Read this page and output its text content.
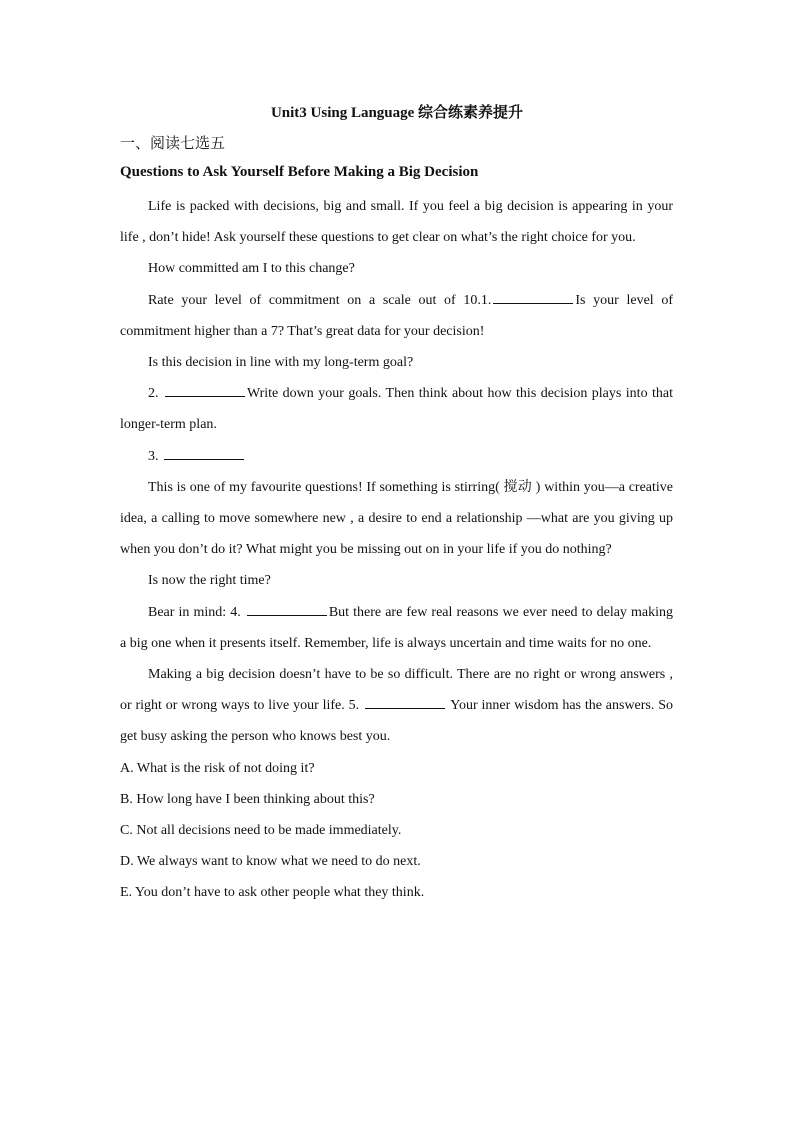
Unit3 Using Language 综合练素养提升
一、阅读七选五
Questions to Ask Yourself Before Making a Big Decision

Life is packed with decisions, big and small. If you feel a big decision is appearing in your life , don’t hide! Ask yourself these questions to get clear on what’s the right choice for you.

How committed am I to this change?

Rate your level of commitment on a scale out of 10.1.	Is your level of commitment higher than a 7? That’s great data for your decision!

Is this decision in line with my long-term goal?

2.	Write down your goals. Then think about how this decision plays into that longer-term plan.

3.

This is one of my favourite questions! If something is stirring( 搅动 ) within you—a creative idea, a calling to move somewhere new , a desire to end a relationship —what are you giving up when you don’t do it? What might you be missing out on in your life if you do nothing?

Is now the right time?

Bear in mind: 4.	But there are few real reasons we ever need to delay making a big one when it presents itself. Remember, life is always uncertain and time waits for no one.

Making a big decision doesn’t have to be so difficult. There are no right or wrong answers , or right or wrong ways to live your life. 5.	Your inner wisdom has the answers. So get busy asking the person who knows best you.

A. What is the risk of not doing it?

B. How long have I been thinking about this?

C. Not all decisions need to be made immediately.

D. We always want to know what we need to do next.

E. You don’t have to ask other people what they think.
